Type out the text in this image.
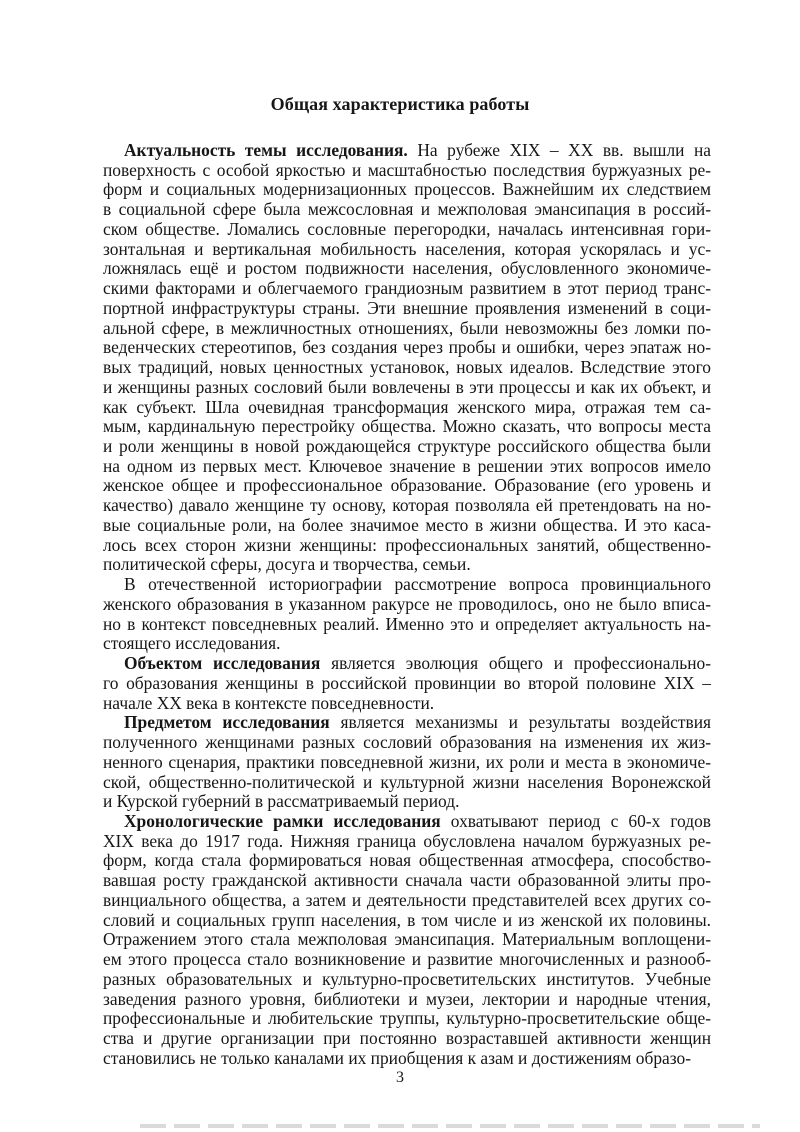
Общая характеристика работы
Актуальность темы исследования. На рубеже XIX – XX вв. вышли на
поверхность с особой яркостью и масштабностью последствия буржуазных ре-
форм и социальных модернизационных процессов. Важнейшим их следствием
в социальной сфере была межсословная и межполовая эмансипация в россий-
ском обществе. Ломались сословные перегородки, началась интенсивная гори-
зонтальная и вертикальная мобильность населения, которая ускорялась и ус-
ложнялась ещё и ростом подвижности населения, обусловленного экономиче-
скими факторами и облегчаемого грандиозным развитием в этот период транс-
портной инфраструктуры страны. Эти внешние проявления изменений в соци-
альной сфере, в межличностных отношениях, были невозможны без ломки по-
веденческих стереотипов, без создания через пробы и ошибки, через эпатаж но-
вых традиций, новых ценностных установок, новых идеалов. Вследствие этого
и женщины разных сословий были вовлечены в эти процессы и как их объект, и
как субъект. Шла очевидная трансформация женского мира, отражая тем са-
мым, кардинальную перестройку общества. Можно сказать, что вопросы места
и роли женщины в новой рождающейся структуре российского общества были
на одном из первых мест. Ключевое значение в решении этих вопросов имело
женское общее и профессиональное образование. Образование (его уровень и
качество) давало женщине ту основу, которая позволяла ей претендовать на но-
вые социальные роли, на более значимое место в жизни общества. И это каса-
лось всех сторон жизни женщины: профессиональных занятий, общественно-
политической сферы, досуга и творчества, семьи.
В отечественной историографии рассмотрение вопроса провинциального
женского образования в указанном ракурсе не проводилось, оно не было вписа-
но в контекст повседневных реалий. Именно это и определяет актуальность на-
стоящего исследования.
Объектом исследования является эволюция общего и профессионально-
го образования женщины в российской провинции во второй половине XIX –
начале XX века в контексте повседневности.
Предметом исследования является механизмы и результаты воздействия
полученного женщинами разных сословий образования на изменения их жиз-
ненного сценария, практики повседневной жизни, их роли и места в экономиче-
ской, общественно-политической и культурной жизни населения Воронежской
и Курской губерний в рассматриваемый период.
Хронологические рамки исследования охватывают период с 60-х годов
XIX века до 1917 года. Нижняя граница обусловлена началом буржуазных ре-
форм, когда стала формироваться новая общественная атмосфера, способство-
вавшая росту гражданской активности сначала части образованной элиты про-
винциального общества, а затем и деятельности представителей всех других со-
словий и социальных групп населения, в том числе и из женской их половины.
Отражением этого стала межполовая эмансипация. Материальным воплощени-
ем этого процесса стало возникновение и развитие многочисленных и разнооб-
разных образовательных и культурно-просветительских институтов. Учебные
заведения разного уровня, библиотеки и музеи, лектории и народные чтения,
профессиональные и любительские труппы, культурно-просветительские обще-
ства и другие организации при постоянно возраставшей активности женщин
становились не только каналами их приобщения к азам и достижениям образо-
3
